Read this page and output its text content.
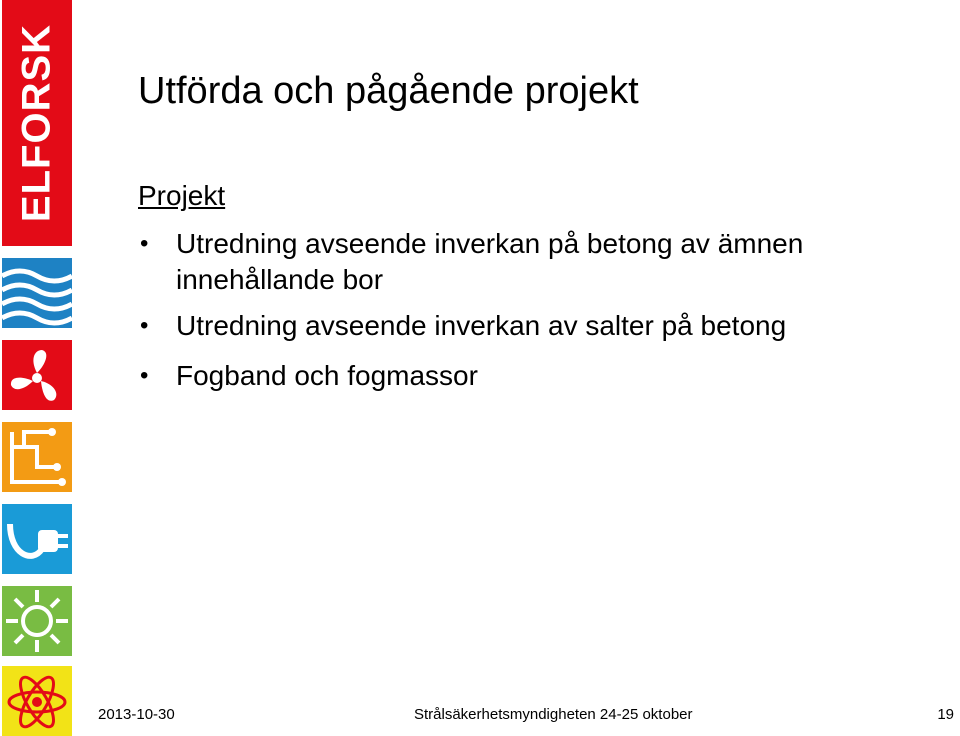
ELFORSK Utförda och pågående projekt
Projekt
• Utredning avseende inverkan på betong av ämnen innehållande bor
• Utredning avseende inverkan av salter på betong
• Fogband och fogmassor
2013-10-30	Strålsäkerhetsmyndigheten 24-25 oktober	19
